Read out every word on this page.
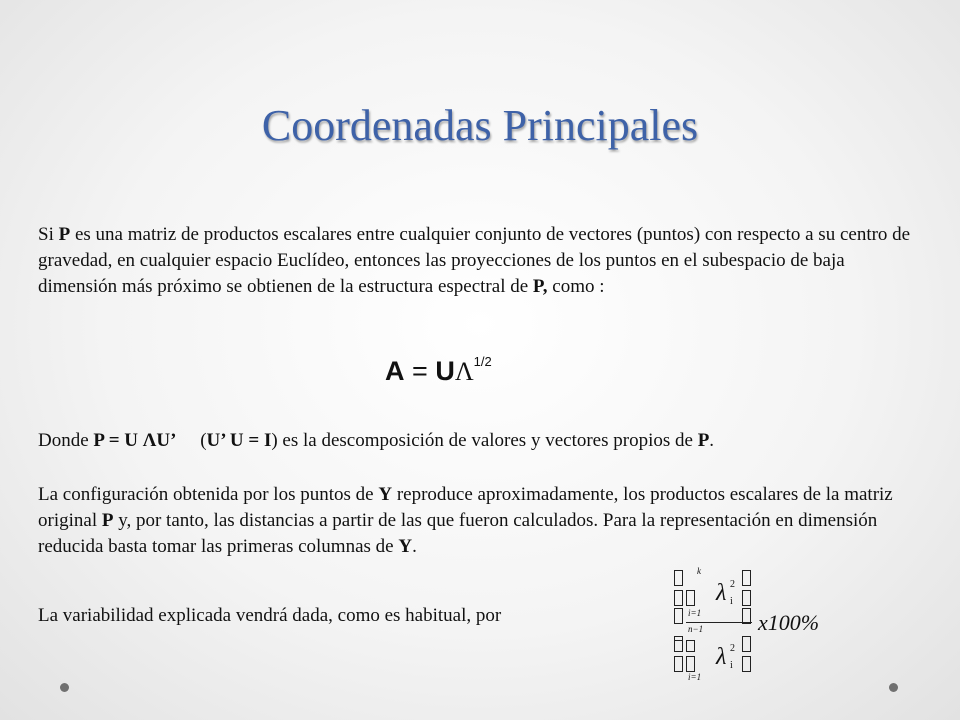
Coordenadas Principales

Si P es una matriz de productos escalares entre cualquier conjunto de vectores (puntos) con respecto a su centro de gravedad, en cualquier espacio Euclídeo, entonces las proyecciones de los puntos en el subespacio de baja dimensión más próximo se obtienen de la estructura espectral de P, como :

$A = U\Lambda^{1/2}$
Donde P = U ΛU’     (U’ U = I) es la descomposición de valores y vectores propios de P.

La configuración obtenida por los puntos de Y reproduce aproximadamente, los productos escalares de la matriz original P y, por tanto, las distancias a partir de las que fueron calculados. Para la representación en dimensión reducida basta tomar las primeras columnas de Y.

La variabilidad explicada vendrá dada, como es habitual, por
k
λ 2
i
i=1
n−1 x100%
λ 2
i
i=1
